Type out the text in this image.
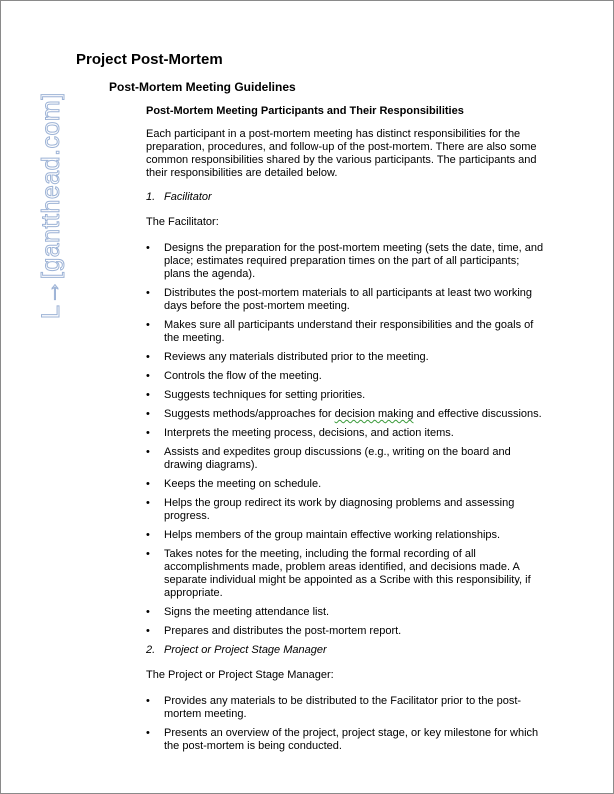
L→[gantthead.com]
Project Post-Mortem
Post-Mortem Meeting Guidelines
Post-Mortem Meeting Participants and Their Responsibilities

Each participant in a post-mortem meeting has distinct responsibilities for the preparation, procedures, and follow-up of the post-mortem. There are also some common responsibilities shared by the various participants. The participants and their responsibilities are detailed below.

1. Facilitator

The Facilitator:

• Designs the preparation for the post-mortem meeting (sets the date, time, and place; estimates required preparation times on the part of all participants; plans the agenda).
• Distributes the post-mortem materials to all participants at least two working days before the post-mortem meeting.
• Makes sure all participants understand their responsibilities and the goals of the meeting.
• Reviews any materials distributed prior to the meeting.
• Controls the flow of the meeting.
• Suggests techniques for setting priorities.
• Suggests methods/approaches for decision making and effective discussions.
• Interprets the meeting process, decisions, and action items.
• Assists and expedites group discussions (e.g., writing on the board and drawing diagrams).
• Keeps the meeting on schedule.
• Helps the group redirect its work by diagnosing problems and assessing progress.
• Helps members of the group maintain effective working relationships.
• Takes notes for the meeting, including the formal recording of all accomplishments made, problem areas identified, and decisions made. A separate individual might be appointed as a Scribe with this responsibility, if appropriate.
• Signs the meeting attendance list.
• Prepares and distributes the post-mortem report.

2. Project or Project Stage Manager

The Project or Project Stage Manager:

• Provides any materials to be distributed to the Facilitator prior to the post-mortem meeting.
• Presents an overview of the project, project stage, or key milestone for which the post-mortem is being conducted.
